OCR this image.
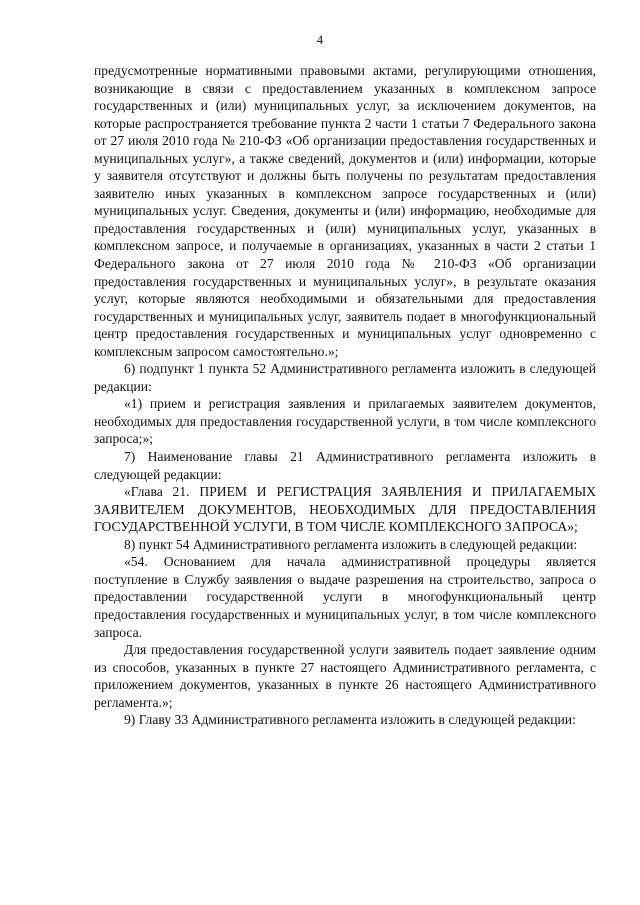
4

предусмотренные нормативными правовыми актами, регулирующими отношения, возникающие в связи с предоставлением указанных в комплексном запросе государственных и (или) муниципальных услуг, за исключением документов, на которые распространяется требование пункта 2 части 1 статьи 7 Федерального закона от 27 июля 2010 года № 210-ФЗ «Об организации предоставления государственных и муниципальных услуг», а также сведений, документов и (или) информации, которые у заявителя отсутствуют и должны быть получены по результатам предоставления заявителю иных указанных в комплексном запросе государственных и (или) муниципальных услуг. Сведения, документы и (или) информацию, необходимые для предоставления государственных и (или) муниципальных услуг, указанных в комплексном запросе, и получаемые в организациях, указанных в части 2 статьи 1 Федерального закона от 27 июля 2010 года № 210-ФЗ «Об организации предоставления государственных и муниципальных услуг», в результате оказания услуг, которые являются необходимыми и обязательными для предоставления государственных и муниципальных услуг, заявитель подает в многофункциональный центр предоставления государственных и муниципальных услуг одновременно с комплексным запросом самостоятельно.»;

6) подпункт 1 пункта 52 Административного регламента изложить в следующей редакции:

«1) прием и регистрация заявления и прилагаемых заявителем документов, необходимых для предоставления государственной услуги, в том числе комплексного запроса;»;

7) Наименование главы 21 Административного регламента изложить в следующей редакции:

«Глава 21. ПРИЕМ И РЕГИСТРАЦИЯ ЗАЯВЛЕНИЯ И ПРИЛАГАЕМЫХ ЗАЯВИТЕЛЕМ ДОКУМЕНТОВ, НЕОБХОДИМЫХ ДЛЯ ПРЕДОСТАВЛЕНИЯ ГОСУДАРСТВЕННОЙ УСЛУГИ, В ТОМ ЧИСЛЕ КОМПЛЕКСНОГО ЗАПРОСА»;

8) пункт 54 Административного регламента изложить в следующей редакции:

«54. Основанием для начала административной процедуры является поступление в Службу заявления о выдаче разрешения на строительство, запроса о предоставлении государственной услуги в многофункциональный центр предоставления государственных и муниципальных услуг, в том числе комплексного запроса.

Для предоставления государственной услуги заявитель подает заявление одним из способов, указанных в пункте 27 настоящего Административного регламента, с приложением документов, указанных в пункте 26 настоящего Административного регламента.»;

9) Главу 33 Административного регламента изложить в следующей редакции:
